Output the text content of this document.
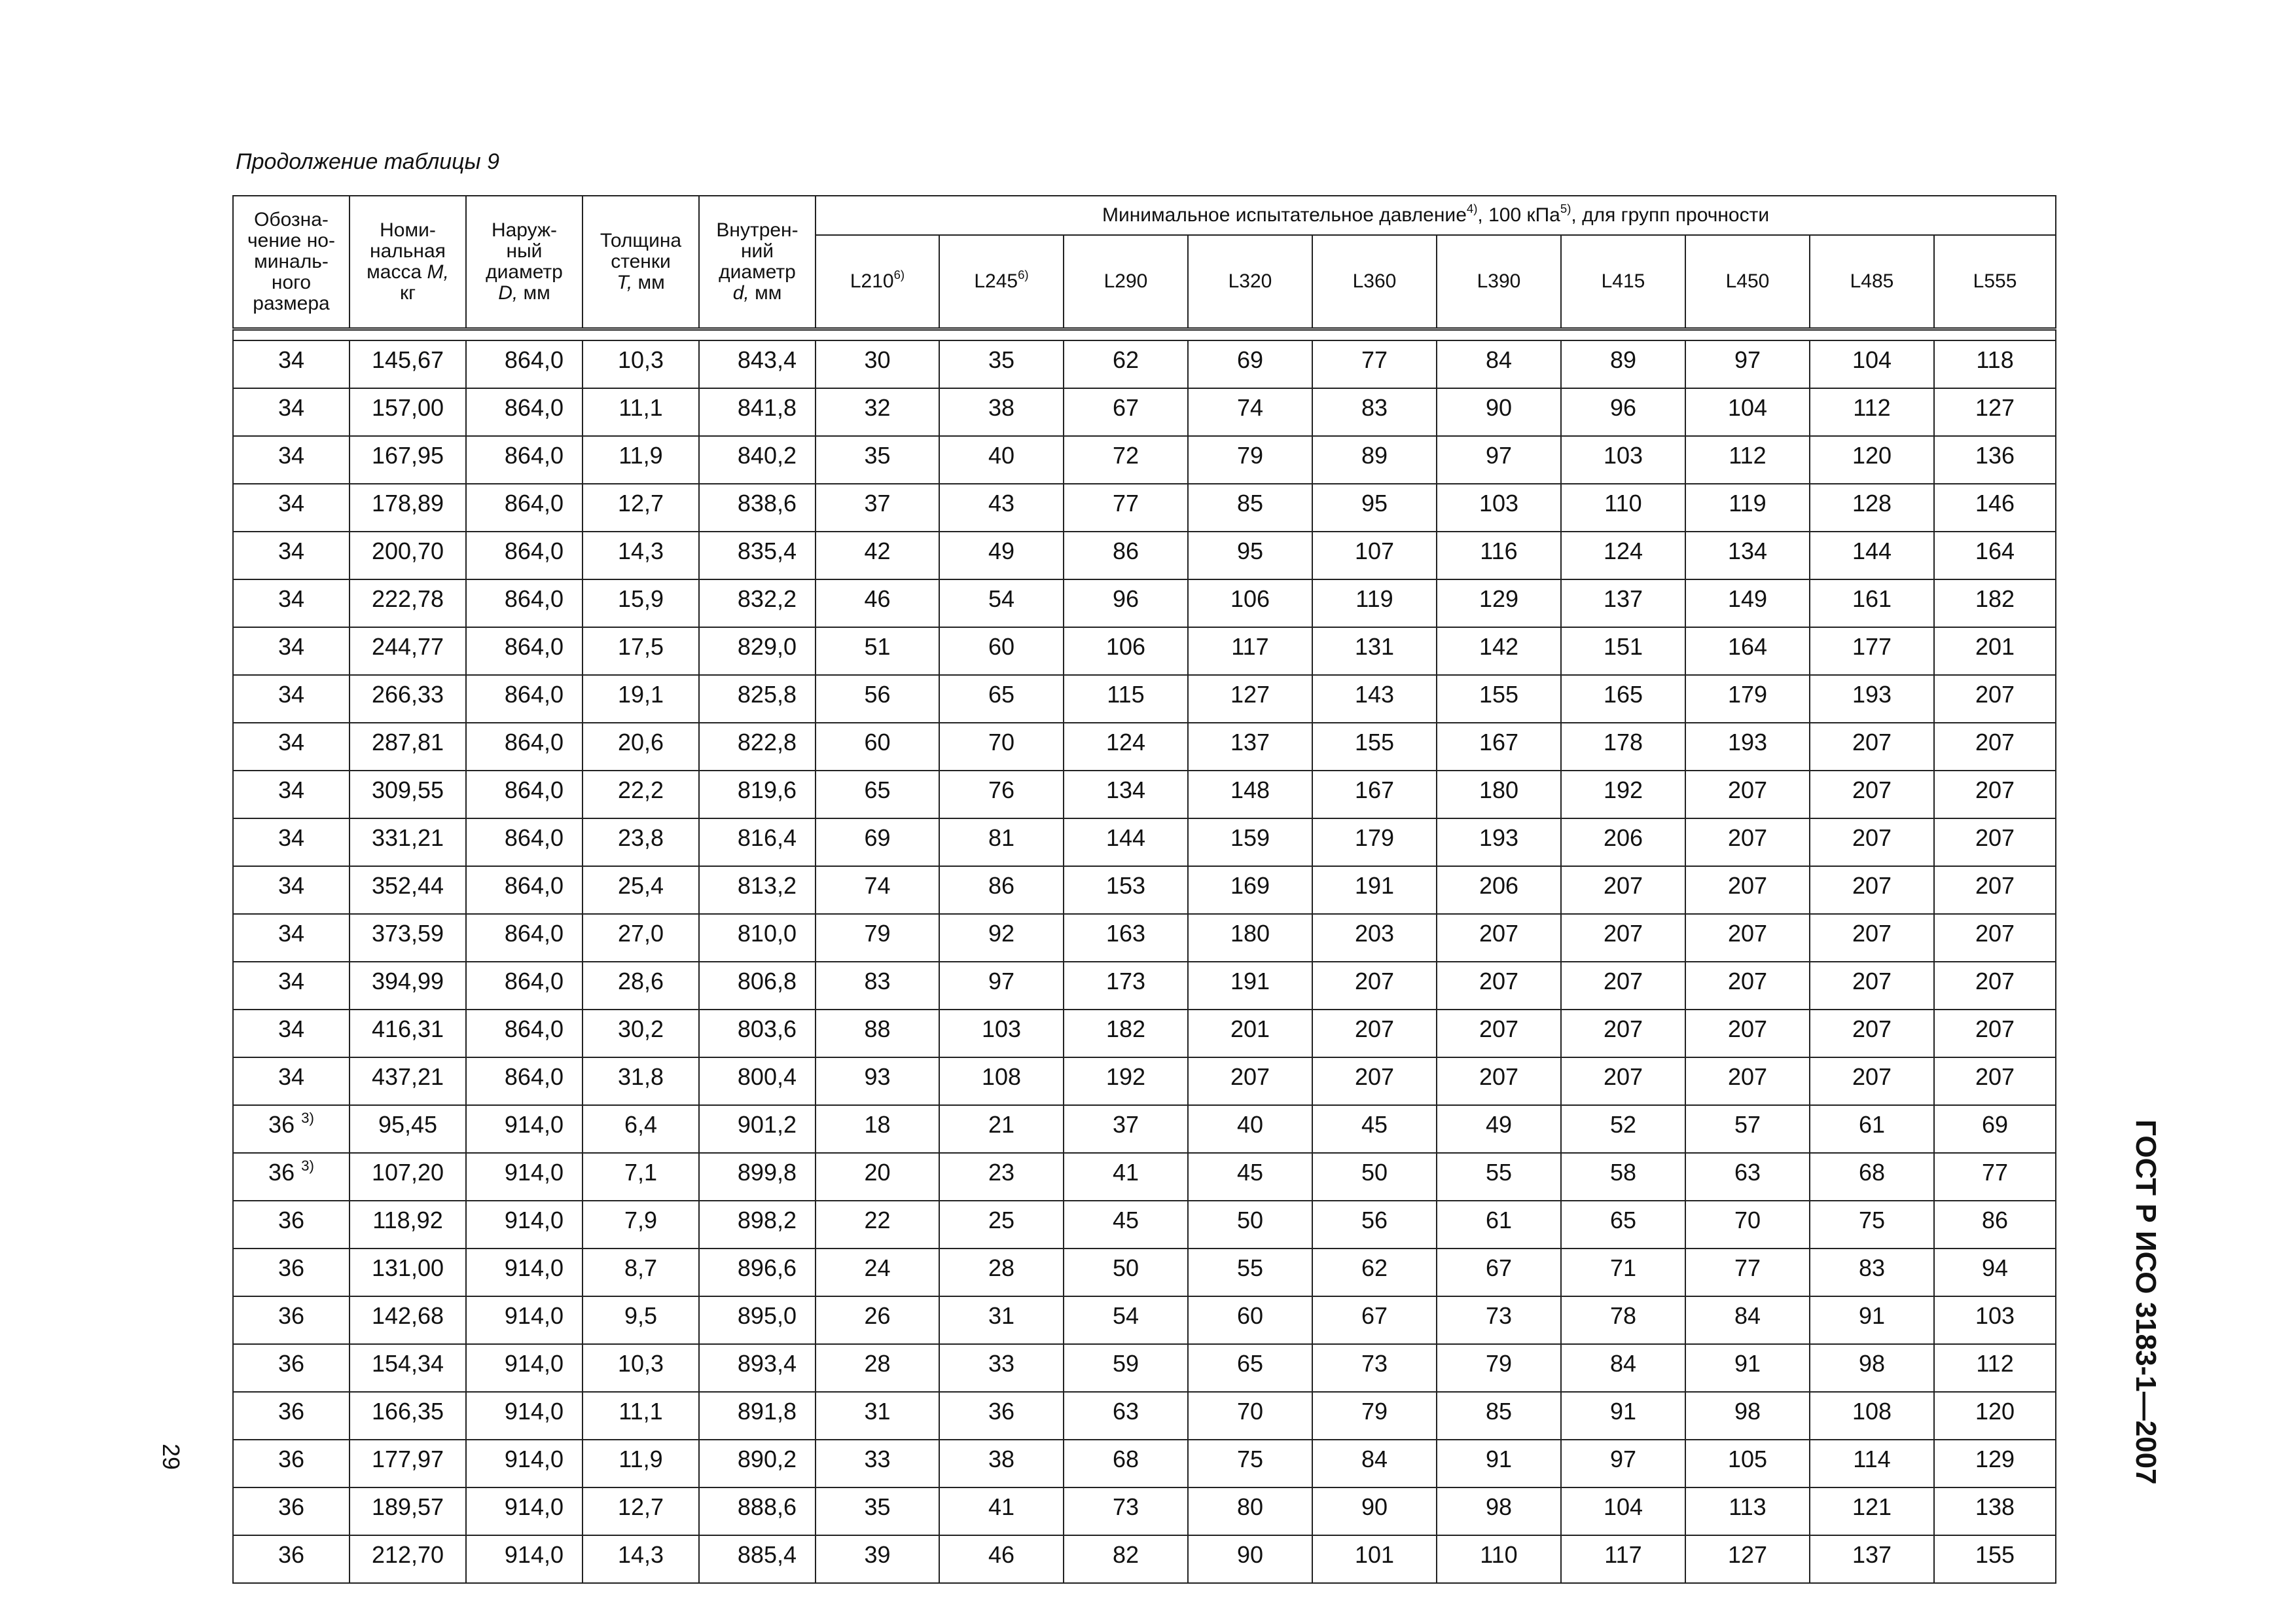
Продолжение таблицы 9
Обозна-
чение но-
миналь-
ного
размера	Номи-
нальная
масса M,
кг	Наруж-
ный
диаметр
D, мм	Толщина
стенки
T, мм	Внутрен-
ний
диаметр
d, мм	Минимальное испытательное давление$^{4)}$, 100 кПа$^{5)}$, для групп прочности									
					L210$^{6)}$	L245$^{6)}$	L290	L320	L360	L390	L415	L450	L485	L555

34	145,67	864,0	10,3	843,4	30	35	62	69	77	84	89	97	104	118
34	157,00	864,0	11,1	841,8	32	38	67	74	83	90	96	104	112	127
34	167,95	864,0	11,9	840,2	35	40	72	79	89	97	103	112	120	136
34	178,89	864,0	12,7	838,6	37	43	77	85	95	103	110	119	128	146
34	200,70	864,0	14,3	835,4	42	49	86	95	107	116	124	134	144	164
34	222,78	864,0	15,9	832,2	46	54	96	106	119	129	137	149	161	182
34	244,77	864,0	17,5	829,0	51	60	106	117	131	142	151	164	177	201
34	266,33	864,0	19,1	825,8	56	65	115	127	143	155	165	179	193	207
34	287,81	864,0	20,6	822,8	60	70	124	137	155	167	178	193	207	207
34	309,55	864,0	22,2	819,6	65	76	134	148	167	180	192	207	207	207
34	331,21	864,0	23,8	816,4	69	81	144	159	179	193	206	207	207	207
34	352,44	864,0	25,4	813,2	74	86	153	169	191	206	207	207	207	207
34	373,59	864,0	27,0	810,0	79	92	163	180	203	207	207	207	207	207
34	394,99	864,0	28,6	806,8	83	97	173	191	207	207	207	207	207	207
34	416,31	864,0	30,2	803,6	88	103	182	201	207	207	207	207	207	207
34	437,21	864,0	31,8	800,4	93	108	192	207	207	207	207	207	207	207
36 $^{3)}$	95,45	914,0	6,4	901,2	18	21	37	40	45	49	52	57	61	69
36 $^{3)}$	107,20	914,0	7,1	899,8	20	23	41	45	50	55	58	63	68	77
36	118,92	914,0	7,9	898,2	22	25	45	50	56	61	65	70	75	86
36	131,00	914,0	8,7	896,6	24	28	50	55	62	67	71	77	83	94
36	142,68	914,0	9,5	895,0	26	31	54	60	67	73	78	84	91	103
36	154,34	914,0	10,3	893,4	28	33	59	65	73	79	84	91	98	112
36	166,35	914,0	11,1	891,8	31	36	63	70	79	85	91	98	108	120
36	177,97	914,0	11,9	890,2	33	38	68	75	84	91	97	105	114	129
36	189,57	914,0	12,7	888,6	35	41	73	80	90	98	104	113	121	138
36	212,70	914,0	14,3	885,4	39	46	82	90	101	110	117	127	137	155
ГОСТ Р ИСО 3183-1—2007
29
